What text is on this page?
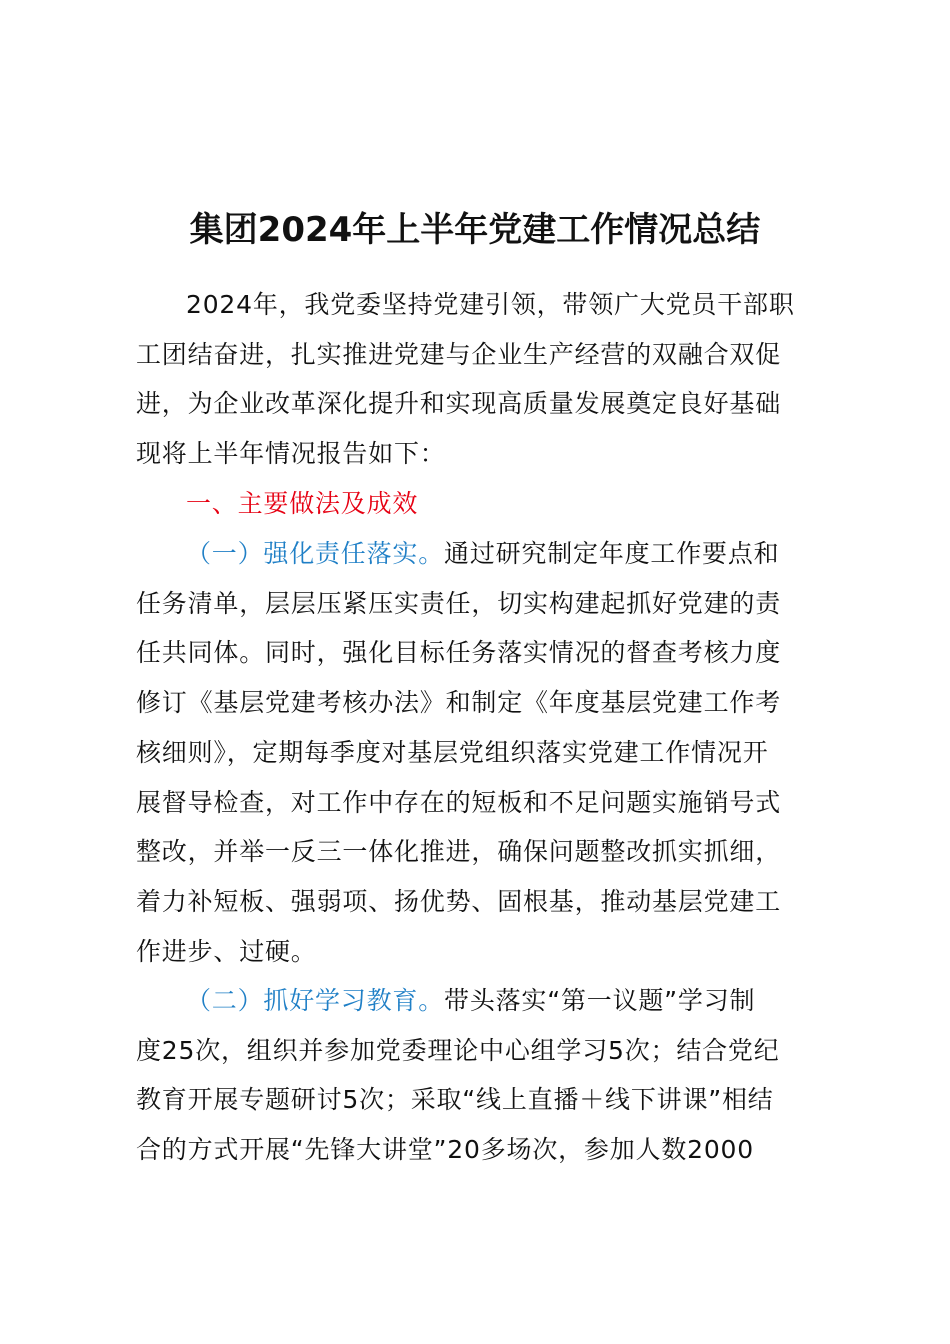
集团2024年上半年党建工作情况总结
2024年，我党委坚持党建引领，带领广大党员干部职
工团结奋进，扎实推进党建与企业生产经营的双融合双促
进，为企业改革深化提升和实现高质量发展奠定良好基础
现将上半年情况报告如下：
一、主要做法及成效
（一）强化责任落实。通过研究制定年度工作要点和
任务清单，层层压紧压实责任，切实构建起抓好党建的责
任共同体。同时，强化目标任务落实情况的督查考核力度
修订《基层党建考核办法》和制定《年度基层党建工作考
核细则》，定期每季度对基层党组织落实党建工作情况开
展督导检查，对工作中存在的短板和不足问题实施销号式
整改，并举一反三一体化推进，确保问题整改抓实抓细，
着力补短板、强弱项、扬优势、固根基，推动基层党建工
作进步、过硬。
（二）抓好学习教育。带头落实“第一议题”学习制
度25次，组织并参加党委理论中心组学习5次；结合党纪
教育开展专题研讨5次；采取“线上直播＋线下讲课”相结
合的方式开展“先锋大讲堂”20多场次，参加人数2000
